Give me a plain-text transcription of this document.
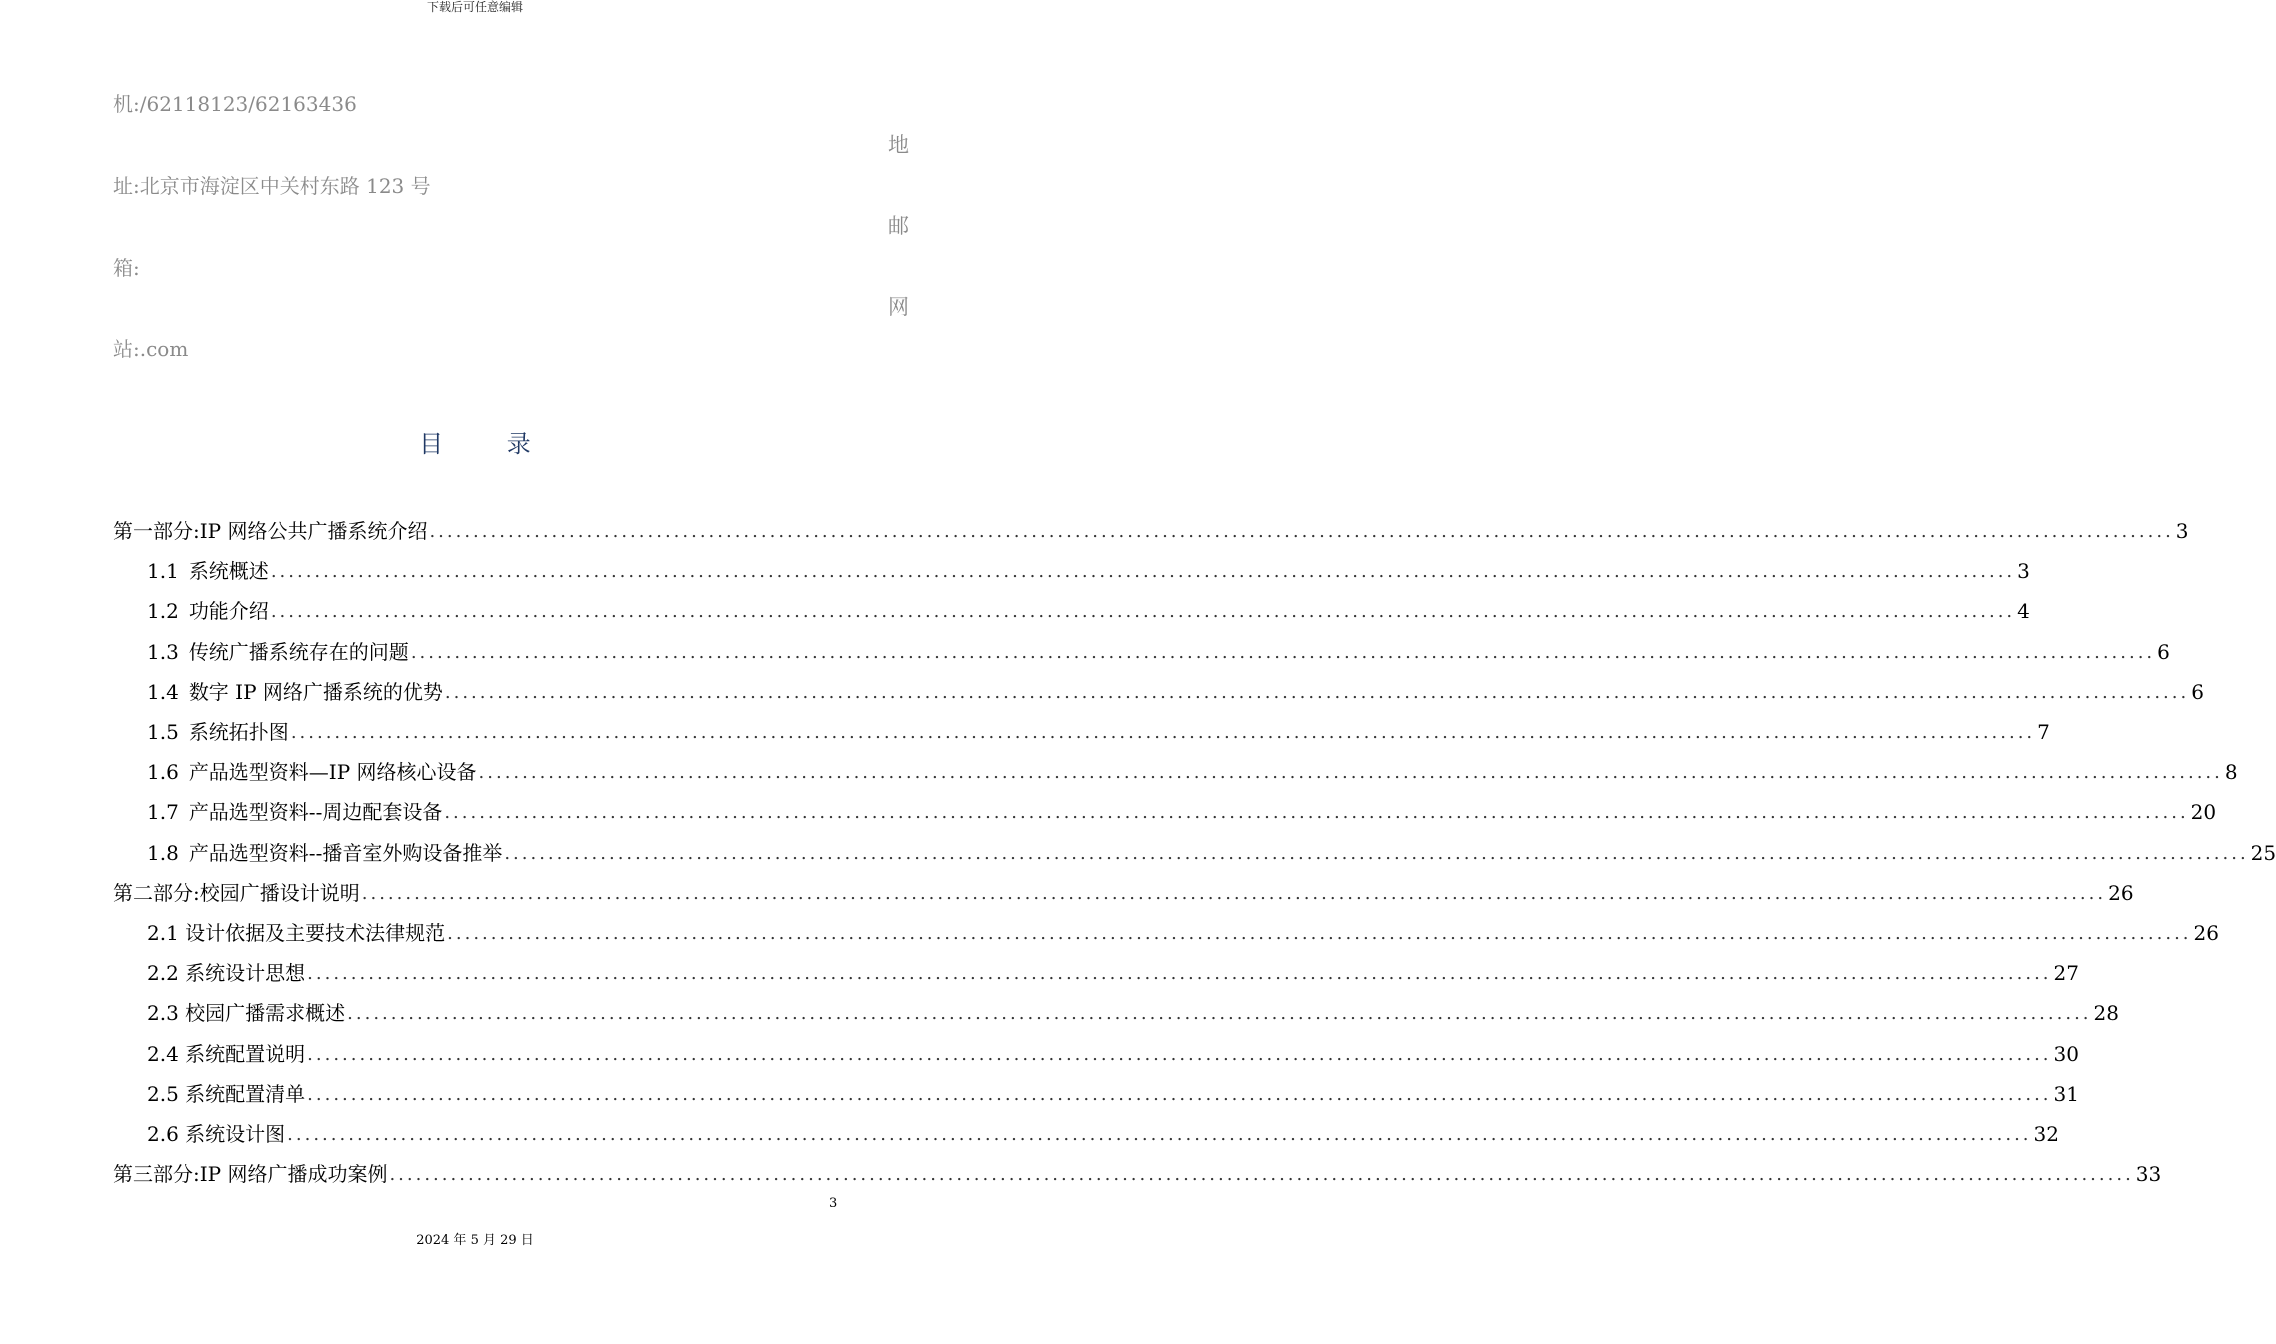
下载后可任意编辑
机:/62118123/62163436
址:北京市海淀区中关村东路 123 号
箱:
站:.com
地
邮
网
目 录
第一部分:IP 网络公共广播系统介绍 ........................................................................................................................................................................................................ 3
1.1 系统概述 ........................................................................................................................................................................................................ 3
1.2 功能介绍 ........................................................................................................................................................................................................ 4
1.3 传统广播系统存在的问题 ........................................................................................................................................................................................................ 6
1.4 数字 IP 网络广播系统的优势 ........................................................................................................................................................................................................ 6
1.5 系统拓扑图 ........................................................................................................................................................................................................ 7
1.6 产品选型资料—IP 网络核心设备 ........................................................................................................................................................................................................ 8
1.7 产品选型资料--周边配套设备 ........................................................................................................................................................................................................ 20
1.8 产品选型资料--播音室外购设备推举 ........................................................................................................................................................................................................ 25
第二部分:校园广播设计说明 ........................................................................................................................................................................................................ 26
2.1 设计依据及主要技术法律规范 ........................................................................................................................................................................................................ 26
2.2 系统设计思想 ........................................................................................................................................................................................................ 27
2.3 校园广播需求概述 ........................................................................................................................................................................................................ 28
2.4 系统配置说明 ........................................................................................................................................................................................................ 30
2.5 系统配置清单 ........................................................................................................................................................................................................ 31
2.6 系统设计图 ........................................................................................................................................................................................................ 32
第三部分:IP 网络广播成功案例 ........................................................................................................................................................................................................ 33
3
2024 年 5 月 29 日
